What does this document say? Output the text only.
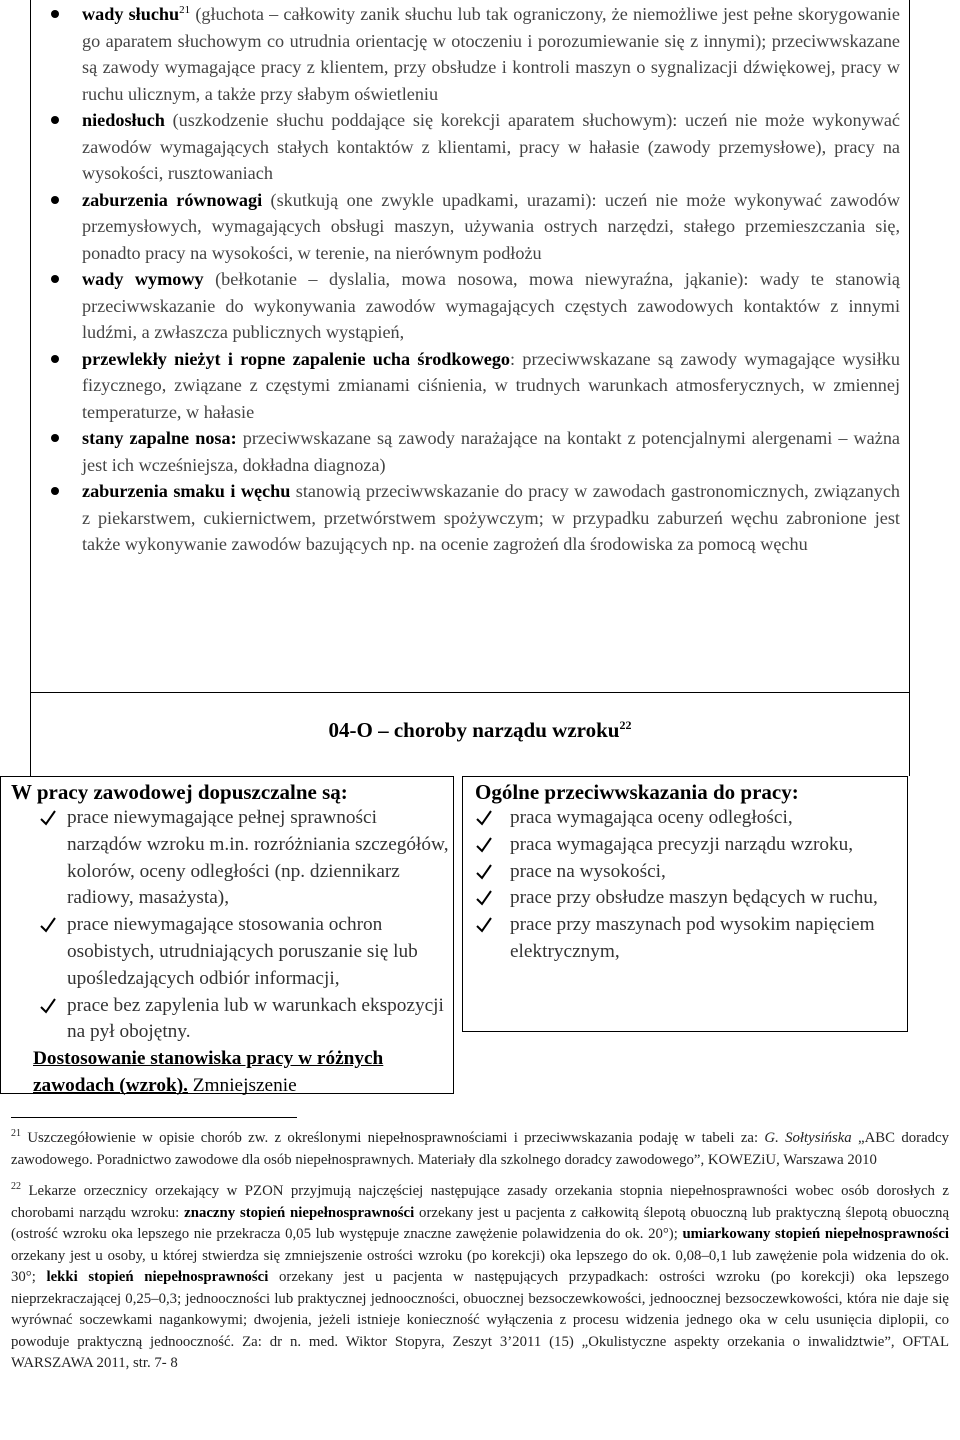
wady słuchu$^{21}$ (głuchota – całkowity zanik słuchu lub tak ograniczony, że niemożliwe jest pełne skorygowanie go aparatem słuchowym co utrudnia orientację w otoczeniu i porozumiewanie się z innymi); przeciwwskazane są zawody wymagające pracy z klientem, przy obsłudze i kontroli maszyn o sygnalizacji dźwiękowej, pracy w ruchu ulicznym, a także przy słabym oświetleniu
niedosłuch (uszkodzenie słuchu poddające się korekcji aparatem słuchowym): uczeń nie może wykonywać zawodów wymagających stałych kontaktów z klientami, pracy w hałasie (zawody przemysłowe), pracy na wysokości, rusztowaniach
zaburzenia równowagi (skutkują one zwykle upadkami, urazami): uczeń nie może wykonywać zawodów przemysłowych, wymagających obsługi maszyn, używania ostrych narzędzi, stałego przemieszczania się, ponadto pracy na wysokości, w terenie, na nierównym podłożu
wady wymowy (bełkotanie – dyslalia, mowa nosowa, mowa niewyraźna, jąkanie): wady te stanowią przeciwwskazanie do wykonywania zawodów wymagających częstych zawodowych kontaktów z innymi ludźmi, a zwłaszcza publicznych wystąpień,
przewlekły nieżyt i ropne zapalenie ucha środkowego: przeciwwskazane są zawody wymagające wysiłku fizycznego, związane z częstymi zmianami ciśnienia, w trudnych warunkach atmosferycznych, w zmiennej temperaturze, w hałasie
stany zapalne nosa: przeciwwskazane są zawody narażające na kontakt z potencjalnymi alergenami – ważna jest ich wcześniejsza, dokładna diagnoza)
zaburzenia smaku i węchu stanowią przeciwwskazanie do pracy w zawodach gastronomicznych, związanych z piekarstwem, cukiernictwem, przetwórstwem spożywczym; w przypadku zaburzeń węchu zabronione jest także wykonywanie zawodów bazujących np. na ocenie zagrożeń dla środowiska za pomocą węchu
04-O – choroby narządu wzroku$^{22}$
W pracy zawodowej dopuszczalne są:
prace niewymagające pełnej sprawności narządów wzroku m.in. rozróżniania szczegółów, kolorów, oceny odległości (np. dziennikarz radiowy, masażysta),
prace niewymagające stosowania ochron osobistych, utrudniających poruszanie się lub upośledzających odbiór informacji,
prace bez zapylenia lub w warunkach ekspozycji na pył obojętny.
Dostosowanie stanowiska pracy w różnych zawodach (wzrok). Zmniejszenie
Ogólne przeciwwskazania do pracy:
praca wymagająca oceny odległości,
praca wymagająca precyzji narządu wzroku,
prace na wysokości,
prace przy obsłudze maszyn będących w ruchu,
prace przy maszynach pod wysokim napięciem elektrycznym,

$^{21}$ Uszczegółowienie w opisie chorób zw. z określonymi niepełnosprawnościami i przeciwwskazania podaję w tabeli za: G. Sołtysińska „ABC doradcy zawodowego. Poradnictwo zawodowe dla osób niepełnosprawnych. Materiały dla szkolnego doradcy zawodowego”, KOWEZiU, Warszawa 2010

$^{22}$ Lekarze orzecznicy orzekający w PZON przyjmują najczęściej następujące zasady orzekania stopnia niepełnosprawności wobec osób dorosłych z chorobami narządu wzroku: znaczny stopień niepełnosprawności orzekany jest u pacjenta z całkowitą ślepotą obuoczną lub praktyczną ślepotą obuoczną (ostrość wzroku oka lepszego nie przekracza 0,05 lub występuje znaczne zawężenie polawidzenia do ok. 20°); umiarkowany stopień niepełnosprawności orzekany jest u osoby, u której stwierdza się zmniejszenie ostrości wzroku (po korekcji) oka lepszego do ok. 0,08–0,1 lub zawężenie pola widzenia do ok. 30°; lekki stopień niepełnosprawności orzekany jest u pacjenta w następujących przypadkach: ostrości wzroku (po korekcji) oka lepszego nieprzekraczającej 0,25–0,3; jednooczności lub praktycznej jednooczności, obuocznej bezsoczewkowości, jednoocznej bezsoczewkowości, która nie daje się wyrównać soczewkami nagankowymi; dwojenia, jeżeli istnieje konieczność wyłączenia z procesu widzenia jednego oka w celu usunięcia diplopii, co powoduje praktyczną jednooczność. Za: dr n. med. Wiktor Stopyra, Zeszyt 3’2011 (15) „Okulistyczne aspekty orzekania o inwalidztwie”, OFTAL WARSZAWA 2011, str. 7- 8
